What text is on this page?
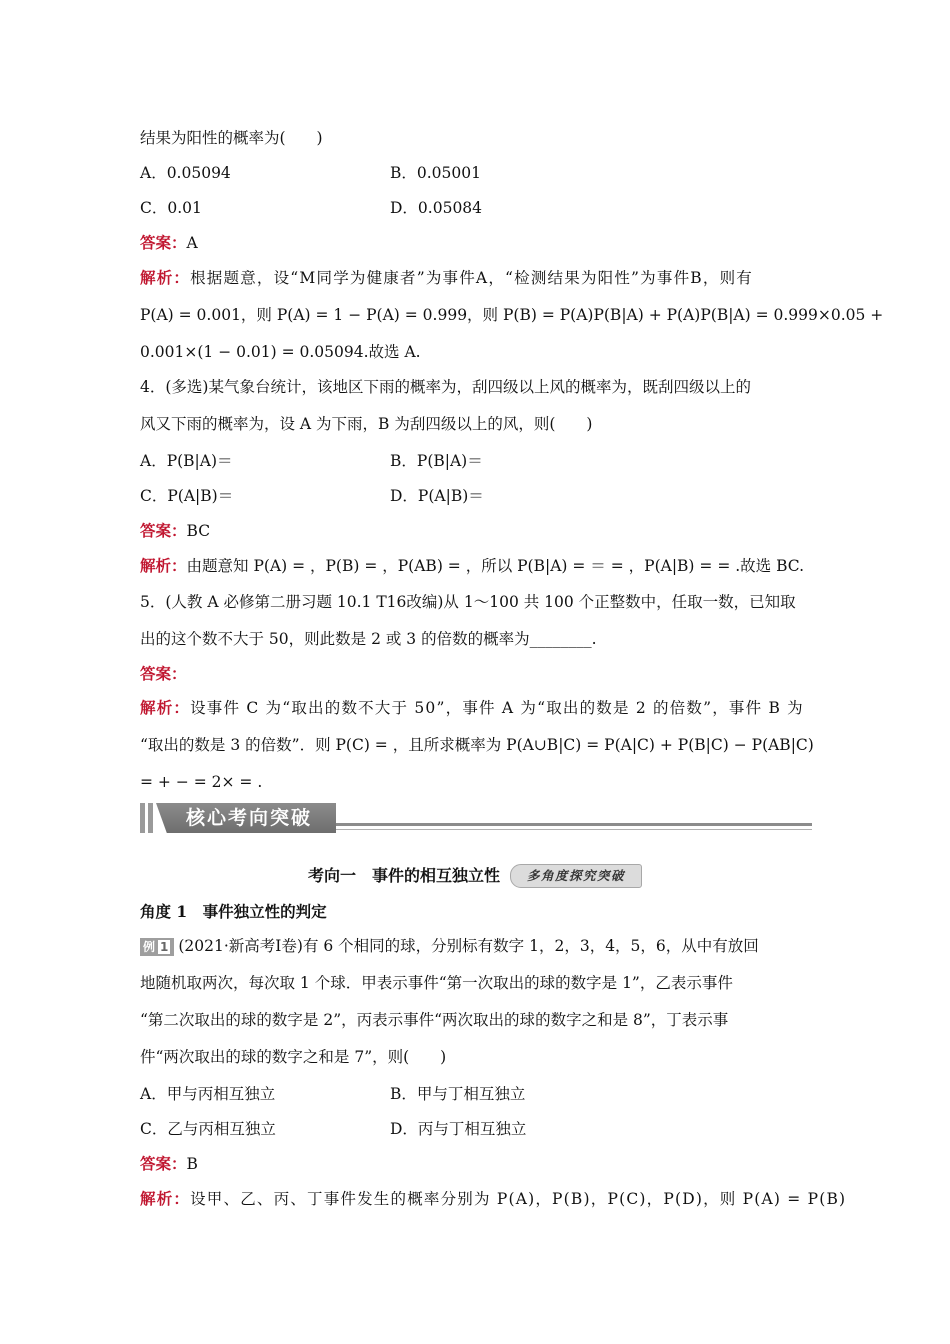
结果为阳性的概率为(　　)
A．0.05094	B．0.05001
C．0.01	D．0.05084
答案：A
解析：根据题意，设“M同学为健康者”为事件A，“检测结果为阳性”为事件B，则有
P(A) = 0.001，则 P(A) = 1 − P(A) = 0.999，则 P(B) = P(A)P(B|A) + P(A)P(B|A) = 0.999×0.05 +
0.001×(1 − 0.01) = 0.05094.故选 A.
4．(多选)某气象台统计，该地区下雨的概率为，刮四级以上风的概率为，既刮四级以上的
风又下雨的概率为，设 A 为下雨，B 为刮四级以上的风，则(　　)
A．P(B|A)＝	B．P(B|A)＝
C．P(A|B)＝	D．P(A|B)＝
答案：BC
解析：由题意知 P(A) = ，P(B) = ，P(AB) = ，所以 P(B|A) = ＝ = ，P(A|B) = = .故选 BC.
5．(人教 A 必修第二册习题 10.1 T16改编)从 1～100 共 100 个正整数中，任取一数，已知取
出的这个数不大于 50，则此数是 2 或 3 的倍数的概率为________.
答案：
解析：设事件 C 为“取出的数不大于 50”，事件 A 为“取出的数是 2 的倍数”，事件 B 为
“取出的数是 3 的倍数”．则 P(C) = ，且所求概率为 P(A∪B|C) = P(A|C) + P(B|C) − P(AB|C)
= + − = 2× = .
核心考向突破
考向一　事件的相互独立性	多角度探究突破
角度 1　事件独立性的判定
例 1 (2021·新高考Ⅰ卷)有 6 个相同的球，分别标有数字 1，2，3，4，5，6，从中有放回
地随机取两次，每次取 1 个球．甲表示事件“第一次取出的球的数字是 1”，乙表示事件
“第二次取出的球的数字是 2”，丙表示事件“两次取出的球的数字之和是 8”，丁表示事
件“两次取出的球的数字之和是 7”，则(　　)
A．甲与丙相互独立	B．甲与丁相互独立
C．乙与丙相互独立	D．丙与丁相互独立
答案：B
解析：设甲、乙、丙、丁事件发生的概率分别为 P(A)，P(B)，P(C)，P(D)，则 P(A) = P(B)
